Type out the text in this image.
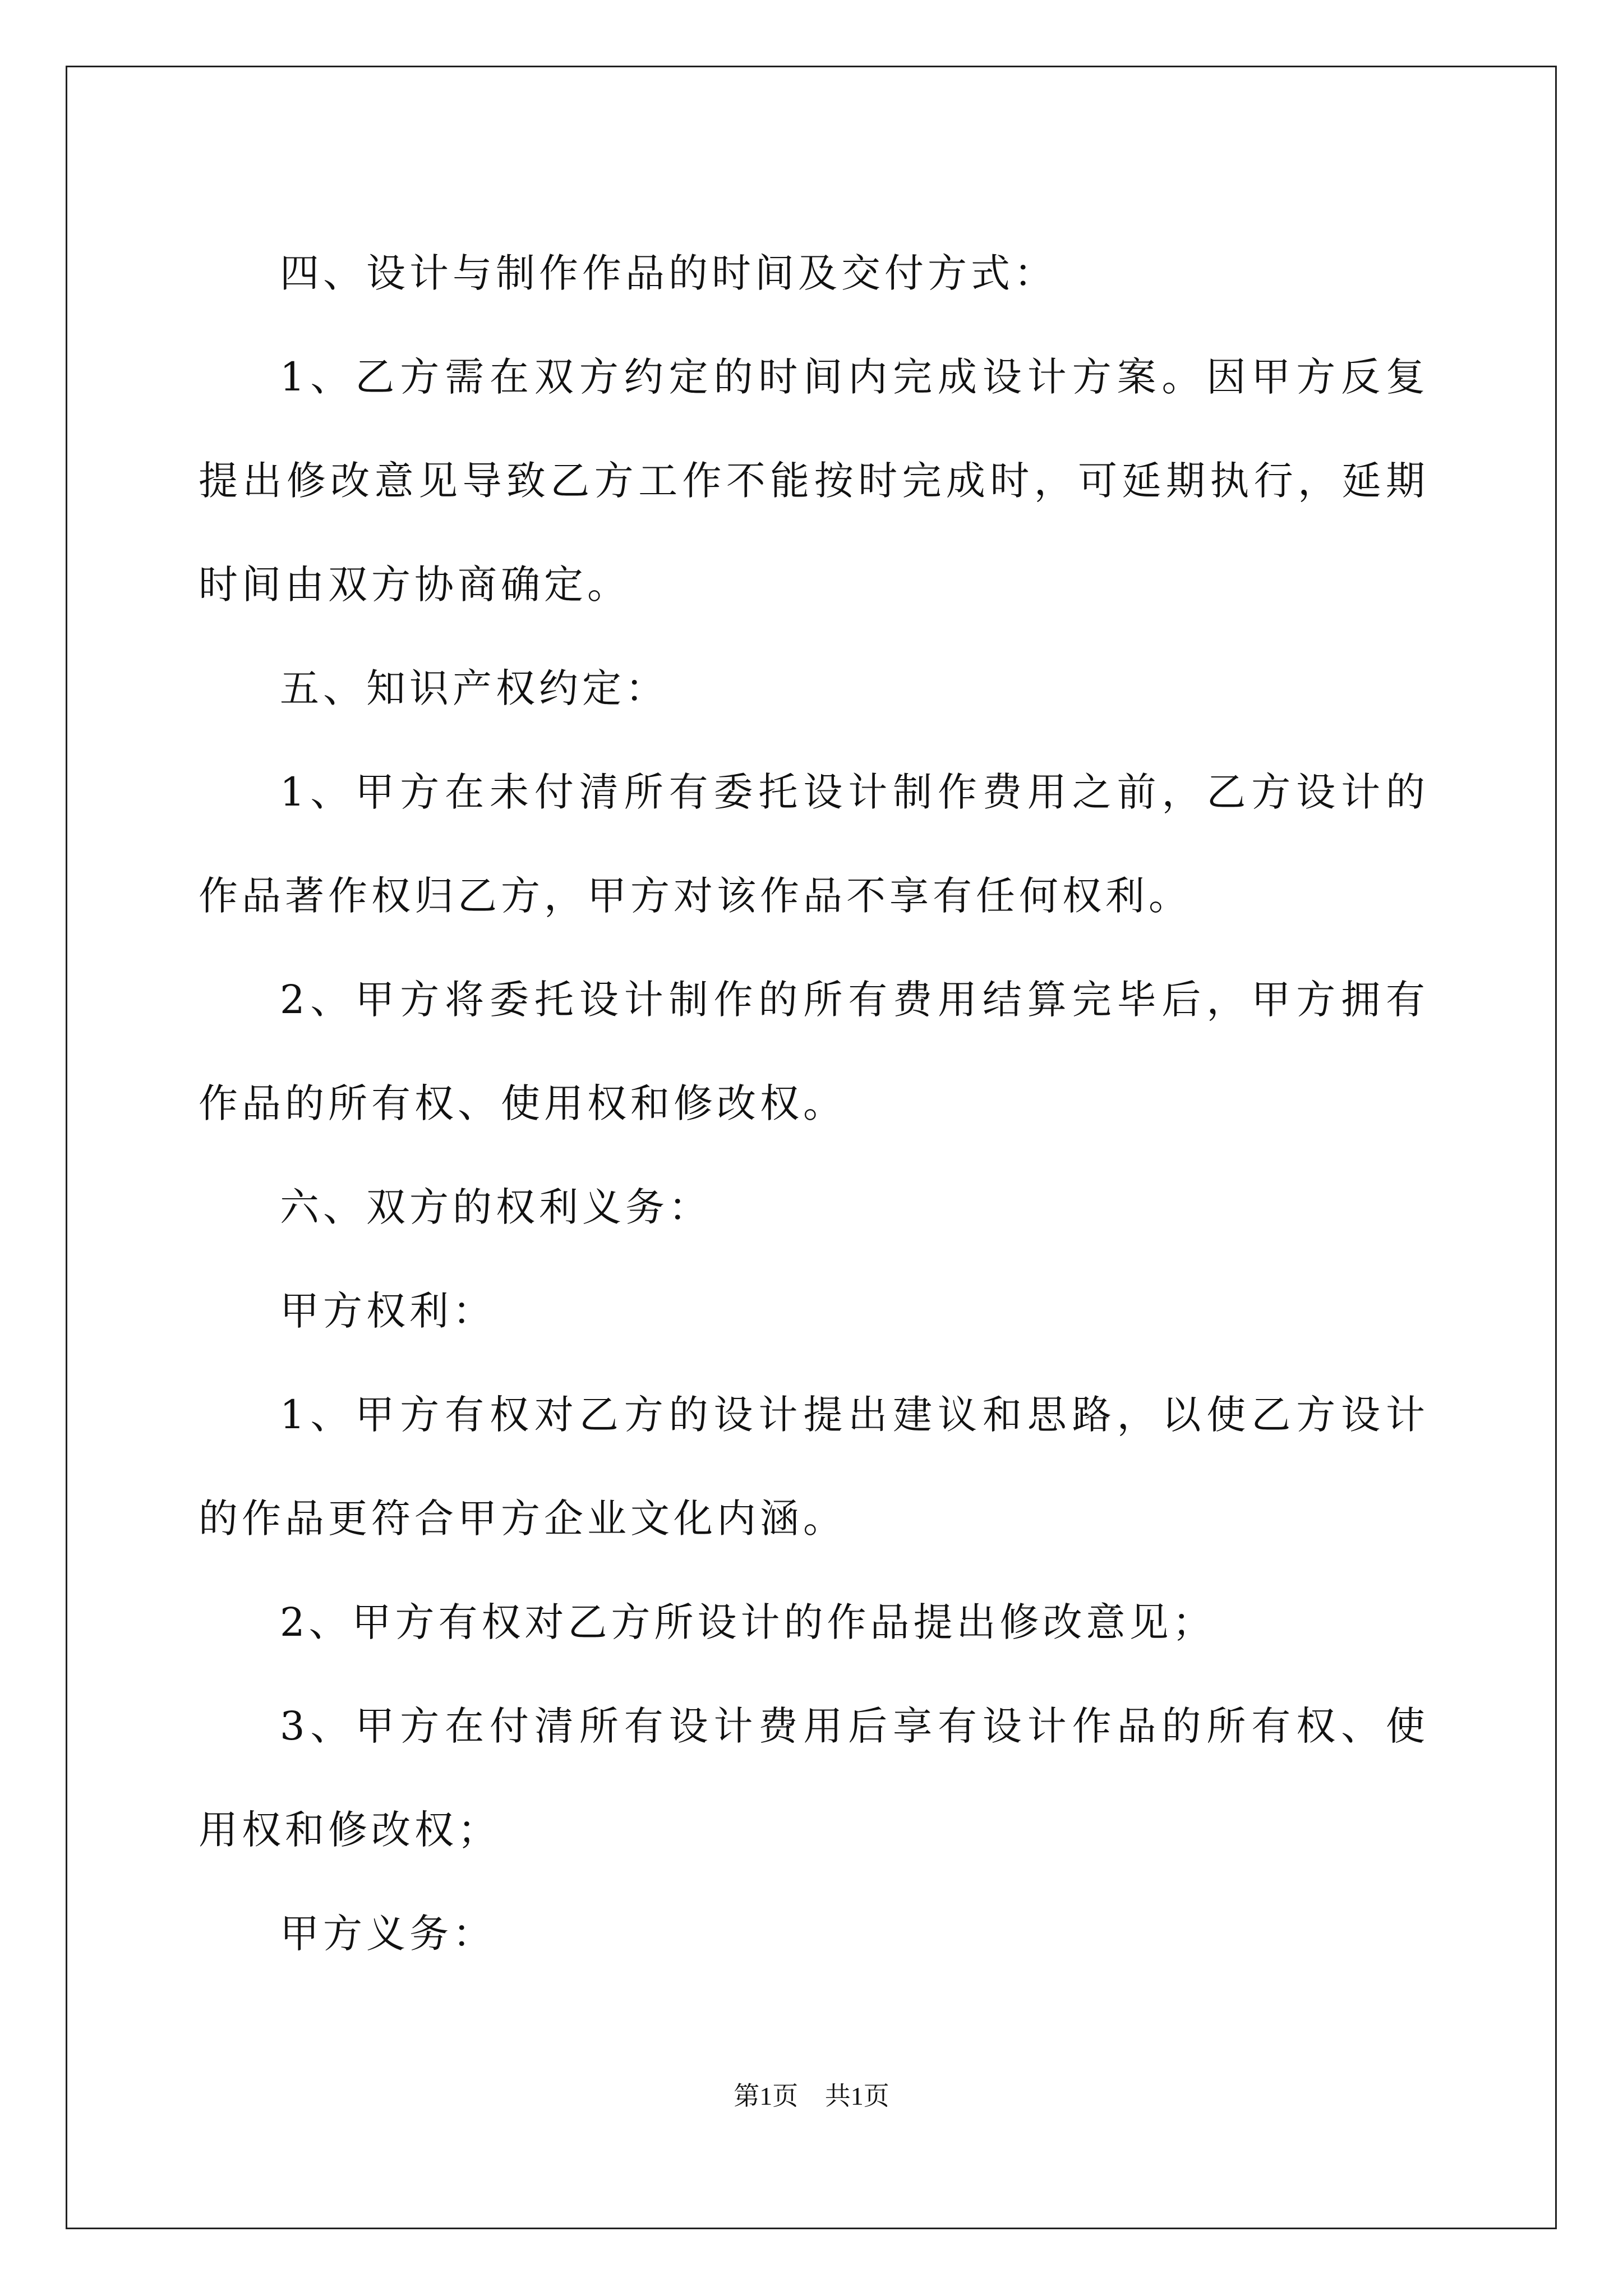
四、设计与制作作品的时间及交付方式：

1、乙方需在双方约定的时间内完成设计方案。因甲方反复提出修改意见导致乙方工作不能按时完成时，可延期执行，延期时间由双方协商确定。

五、知识产权约定：

1、甲方在未付清所有委托设计制作费用之前，乙方设计的作品著作权归乙方，甲方对该作品不享有任何权利。

2、甲方将委托设计制作的所有费用结算完毕后，甲方拥有作品的所有权、使用权和修改权。

六、双方的权利义务：

甲方权利：

1、甲方有权对乙方的设计提出建议和思路，以使乙方设计的作品更符合甲方企业文化内涵。

2、甲方有权对乙方所设计的作品提出修改意见；

3、甲方在付清所有设计费用后享有设计作品的所有权、使用权和修改权；

甲方义务：

第1页 共1页
